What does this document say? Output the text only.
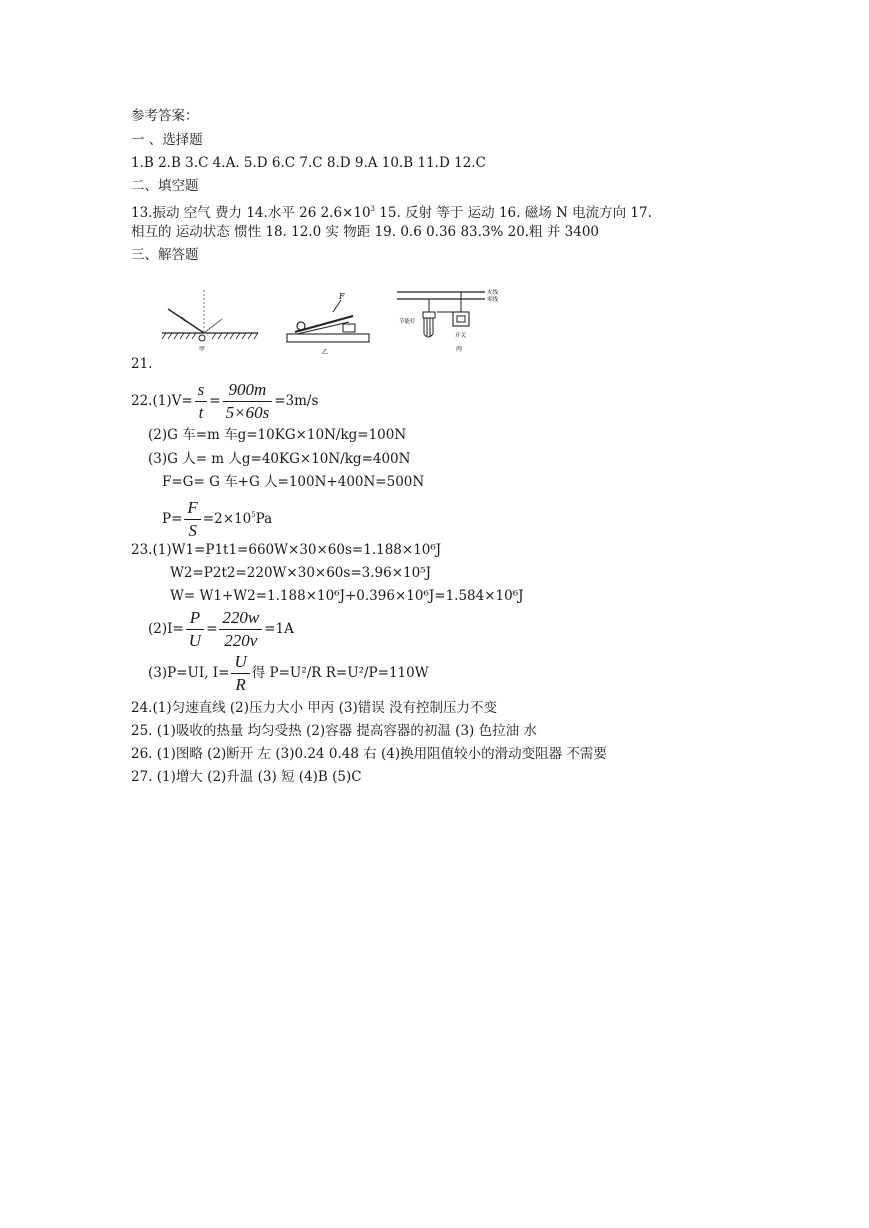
参考答案：
一 、选择题
1.B 2.B 3.C 4.A. 5.D 6.C 7.C 8.D 9.A 10.B 11.D 12.C
二、填空题
13.振动 空气 费力 14.水平 26 $2.6\times 10^3$ 15. 反射 等于 运动 16. 磁场 N 电流方向 17.
相互的 运动状态 惯性 18. 12.0 实 物距 19. 0.6 0.36 83.3% 20.粗 并 3400
三、解答题
甲
F
乙
火线
零线
节能灯
开关
丙
21.
$22.(1)V= \frac{s}{t} = \frac{900m}{5\times 60s} =3m/s$
(2)G 车=m 车g=10KG×10N/kg=100N
(3)G 人= m 人g=40KG×10N/kg=400N
F=G= G 车+G 人=100N+400N=500N
$P= \frac{F}{S} =2\times 10^5Pa$
23.(1)W1=P1t1=660W×30×60s=1.188×10⁶J
W2=P2t2=220W×30×60s=3.96×10⁵J
W= W1+W2=1.188×10⁶J+0.396×10⁶J=1.584×10⁶J
$(2)I= \frac{P}{U} = \frac{220w}{220v} =1A$
(3)P=UI, $I= \frac{U}{R}$ 得 P=U²/R R=U²/P=110W
24.(1)匀速直线 (2)压力大小 甲丙 (3)错误 没有控制压力不变
25. (1)吸收的热量 均匀受热 (2)容器 提高容器的初温 (3) 色拉油 水
26. (1)图略 (2)断开 左 (3)0.24 0.48 右 (4)换用阻值较小的滑动变阻器 不需要
27. (1)增大 (2)升温 (3) 短 (4)B (5)C
